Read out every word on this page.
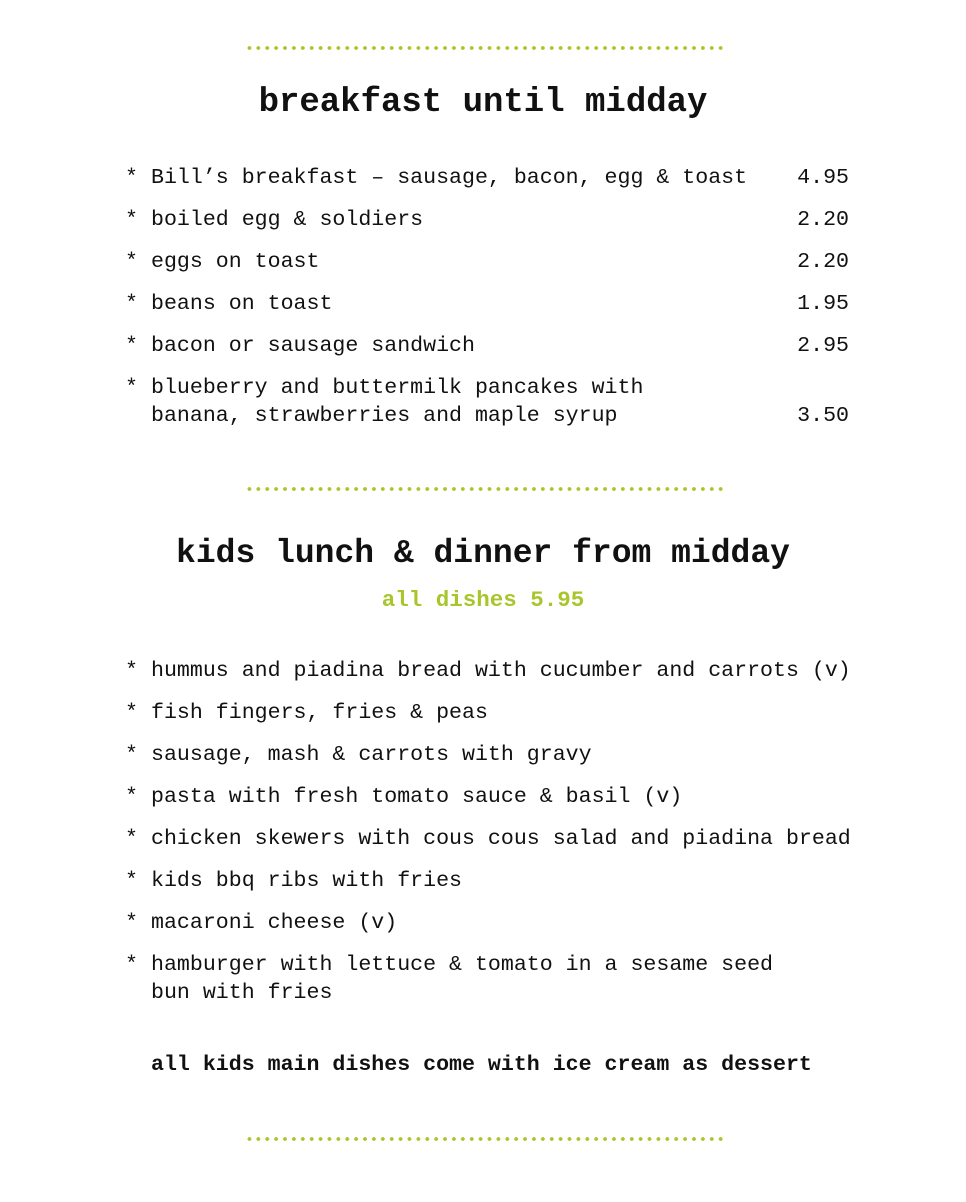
breakfast until midday
* Bill’s breakfast – sausage, bacon, egg & toast 4.95
* boiled egg & soldiers	2.20
* eggs on toast	2.20
* beans on toast	1.95
* bacon or sausage sandwich	2.95
* blueberry and buttermilk pancakes with
banana, strawberries and maple syrup	3.50
kids lunch & dinner from midday
all dishes 5.95
* hummus and piadina bread with cucumber and carrots (v)
* fish fingers, fries & peas
* sausage, mash & carrots with gravy
* pasta with fresh tomato sauce & basil (v)
* chicken skewers with cous cous salad and piadina bread
* kids bbq ribs with fries
* macaroni cheese (v)
* hamburger with lettuce & tomato in a sesame seed
bun with fries
all kids main dishes come with ice cream as dessert
